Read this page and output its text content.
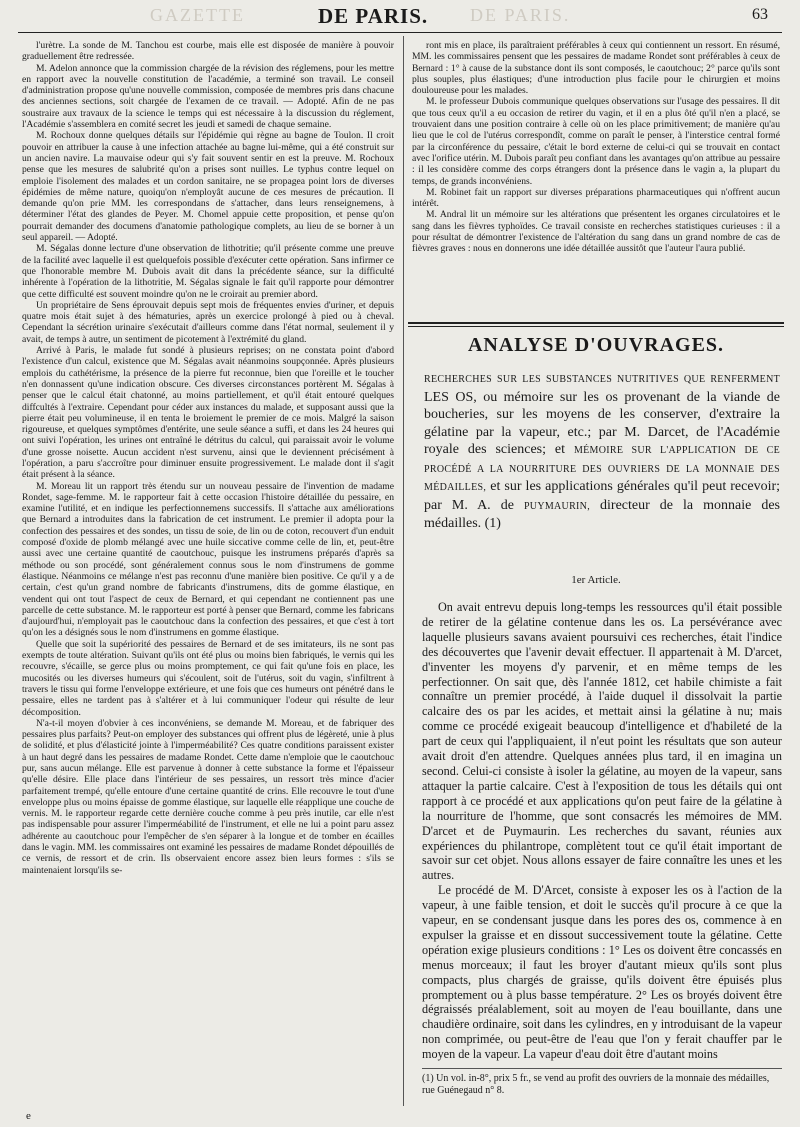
GAZETTE	DE PARIS.
DE PARIS.	63

l'urètre. La sonde de M. Tanchou est courbe, mais elle est disposée de manière à pouvoir graduellement être redressée.

M. Adelon annonce que la commission chargée de la révision des réglemens, pour les mettre en rapport avec la nouvelle constitution de l'académie, a terminé son travail. Le conseil d'administration propose qu'une nouvelle commission, composée de membres pris dans chacune des anciennes sections, soit chargée de l'examen de ce travail. — Adopté. Afin de ne pas soustraire aux travaux de la science le temps qui est nécessaire à la discussion du réglement, l'Académie s'assemblera en comité secret les jeudi et samedi de chaque semaine.

M. Rochoux donne quelques détails sur l'épidémie qui règne au bagne de Toulon. Il croit pouvoir en attribuer la cause à une infection attachée au bagne lui-même, qui a été construit sur un ancien navire. La mauvaise odeur qui s'y fait souvent sentir en est la preuve. M. Rochoux pense que les mesures de salubrité qu'on a prises sont nuilles. Le typhus contre lequel on emploie l'isolement des malades et un cordon sanitaire, ne se propagea point lors de diverses épidémies de même nature, quoiqu'on n'employât aucune de ces mesures de précaution. Il demande qu'on prie MM. les correspondans de s'attacher, dans leurs renseignemens, à déterminer l'état des glandes de Peyer. M. Chomel appuie cette proposition, et pense qu'on pourrait demander des documens d'anatomie pathologique complets, au lieu de se borner à un seul appareil. — Adopté.

M. Ségalas donne lecture d'une observation de lithotritie; qu'il présente comme une preuve de la facilité avec laquelle il est quelquefois possible d'exécuter cette opération. Sans infirmer ce que l'honorable membre M. Dubois avait dit dans la précédente séance, sur la difficulté inhérente à l'opération de la lithotritie, M. Ségalas signale le fait qu'il rapporte pour démontrer que cette difficulté est souvent moindre qu'on ne le croirait au premier abord.

Un propriétaire de Sens éprouvait depuis sept mois de fréquentes envies d'uriner, et depuis quatre mois était sujet à des hématuries, après un exercice prolongé à pied ou à cheval. Cependant la sécrétion urinaire s'exécutait d'ailleurs comme dans l'état normal, seulement il y avait, de temps à autre, un sentiment de picotement à l'extrémité du gland.

Arrivé à Paris, le malade fut sondé à plusieurs reprises; on ne constata point d'abord l'existence d'un calcul, existence que M. Ségalas avait néanmoins soupçonnée. Après plusieurs emplois du cathétérisme, la présence de la pierre fut reconnue, bien que l'oreille et le toucher n'en donnassent qu'une indication obscure. Ces diverses circonstances portèrent M. Ségalas à penser que le calcul était chatonné, au moins partiellement, et qu'il était entouré quelques diffcultés à l'extraire. Cependant pour céder aux instances du malade, et supposant aussi que la pierre était peu volumineuse, il en tenta le broiement le premier de ce mois. Malgré la saison rigoureuse, et quelques symptômes d'entérite, une seule séance a suffi, et dans les 24 heures qui ont suivi l'opération, les urines ont entraîné le détritus du calcul, qui paraissait avoir le volume d'une grosse noisette. Aucun accident n'est survenu, ainsi que le deviennent précisément à l'opération, a paru s'accroître pour diminuer ensuite progressivement. Le malade dont il s'agit était présent à la séance.

M. Moreau lit un rapport très étendu sur un nouveau pessaire de l'invention de madame Rondet, sage-femme. M. le rapporteur fait à cette occasion l'histoire détaillée du pessaire, en examine l'utilité, et en indique les perfectionnemens successifs. Il s'attache aux améliorations que Bernard a introduites dans la fabrication de cet instrument. Le premier il adopta pour la confection des pessaires et des sondes, un tissu de soie, de lin ou de coton, recouvert d'un enduit composé d'oxide de plomb mélangé avec une huile siccative comme celle de lin, et, peut-être aussi avec une certaine quantité de caoutchouc, puisque les instrumens préparés d'après sa méthode ou son procédé, sont généralement connus sous le nom d'instrumens de gomme élastique. Néanmoins ce mélange n'est pas reconnu d'une manière bien positive. Ce qu'il y a de certain, c'est qu'un grand nombre de fabricants d'instrumens, dits de gomme élastique, en vendent qui ont tout l'aspect de ceux de Bernard, et qui cependant ne contiennent pas une parcelle de cette substance. M. le rapporteur est porté à penser que Bernard, comme les fabricans d'aujourd'hui, n'employait pas le caoutchouc dans la confection des pessaires, et que c'est à tort qu'on les a désignés sous le nom d'instrumens en gomme élastique.

Quelle que soit la supériorité des pessaires de Bernard et de ses imitateurs, ils ne sont pas exempts de toute altération. Suivant qu'ils ont été plus ou moins bien fabriqués, le vernis qui les recouvre, s'écaille, se gerce plus ou moins promptement, ce qui fait qu'une fois en place, les mucosités ou les diverses humeurs qui s'écoulent, soit de l'utérus, soit du vagin, s'infiltrent à travers le tissu qui forme l'enveloppe extérieure, et une fois que ces humeurs ont pénétré dans le pessaire, elles ne tardent pas à s'altérer et à lui communiquer l'odeur qui résulte de leur décomposition.

N'a-t-il moyen d'obvier à ces inconvéniens, se demande M. Moreau, et de fabriquer des pessaires plus parfaits? Peut-on employer des substances qui offrent plus de légèreté, unie à plus de solidité, et plus d'élasticité jointe à l'imperméabilité? Ces quatre conditions paraissent exister à un haut degré dans les pessaires de madame Rondet. Cette dame n'emploie que le caoutchouc pur, sans aucun mélange. Elle est parvenue à donner à cette substance la forme et l'épaisseur qu'elle désire. Elle place dans l'intérieur de ses pessaires, un ressort très mince d'acier parfaitement trempé, qu'elle entoure d'une certaine quantité de crins. Elle recouvre le tout d'une enveloppe plus ou moins épaisse de gomme élastique, sur laquelle elle réapplique une couche de vernis. M. le rapporteur regarde cette dernière couche comme à peu près inutile, car elle n'est pas indispensable pour assurer l'imperméabilité de l'instrument, et elle ne lui a point paru assez adhérente au caoutchouc pour l'empêcher de s'en séparer à la longue et de tomber en écailles dans le vagin. MM. les commissaires ont examiné les pessaires de madame Rondet dépouillés de ce vernis, de ressort et de crin. Ils observaient encore assez bien leurs formes : s'ils se maintenaient lorsqu'ils se-

ront mis en place, ils paraîtraient préférables à ceux qui contiennent un ressort. En résumé, MM. les commissaires pensent que les pessaires de madame Rondet sont préférables à ceux de Bernard : 1° à cause de la substance dont ils sont composés, le caoutchouc; 2° parce qu'ils sont plus souples, plus élastiques; d'une introduction plus facile pour le chirurgien et moins douloureuse pour les malades.

M. le professeur Dubois communique quelques observations sur l'usage des pessaires. Il dit que tous ceux qu'il a eu occasion de retirer du vagin, et il en a plus ôté qu'il n'en a placé, se trouvaient dans une position contraire à celle où on les place primitivement; de manière qu'au lieu que le col de l'utérus correspondît, comme on paraît le penser, à l'interstice central formé par la circonférence du pessaire, c'était le bord externe de celui-ci qui se trouvait en contact avec l'orifice utérin. M. Dubois paraît peu confiant dans les avantages qu'on attribue au pessaire : il les considère comme des corps étrangers dont la présence dans le vagin a, la plupart du temps, de grands inconvéniens.

M. Robinet fait un rapport sur diverses préparations pharmaceutiques qui n'offrent aucun intérêt.

M. Andral lit un mémoire sur les altérations que présentent les organes circulatoires et le sang dans les fièvres typhoïdes. Ce travail consiste en recherches statistiques curieuses : il a pour résultat de démontrer l'existence de l'altération du sang dans un grand nombre de cas de fièvres graves : nous en donnerons une idée détaillée aussitôt que l'auteur l'aura publié.

ANALYSE D'OUVRAGES.
RECHERCHES SUR LES SUBSTANCES NUTRITIVES QUE RENFERMENT LES OS, ou mémoire sur les os provenant de la viande de boucheries, sur les moyens de les conserver, d'extraire la gélatine par la vapeur, etc.; par M. Darcet, de l'Académie royale des sciences; et MÉMOIRE SUR L'APPLICATION DE CE PROCÉDÉ A LA NOURRITURE DES OUVRIERS DE LA MONNAIE DES MÉDAILLES, et sur les applications générales qu'il peut recevoir; par M. A. de PUYMAURIN, directeur de la monnaie des médailles. (1)
1er Article.

On avait entrevu depuis long-temps les ressources qu'il était possible de retirer de la gélatine contenue dans les os. La persévérance avec laquelle plusieurs savans avaient poursuivi ces recherches, était l'indice des découvertes que l'avenir devait effectuer. Il appartenait à M. D'arcet, d'inventer les moyens d'y parvenir, et en même temps de les perfectionner. On sait que, dès l'année 1812, cet habile chimiste a fait connaître un premier procédé, à l'aide duquel il dissolvait la partie calcaire des os par les acides, et mettait ainsi la gélatine à nu; mais comme ce procédé exigeait beaucoup d'intelligence et d'habileté de la part de ceux qui l'appliquaient, il n'eut point les résultats que son auteur avait droit d'en attendre. Quelques années plus tard, il en imagina un second. Celui-ci consiste à isoler la gélatine, au moyen de la vapeur, sans attaquer la partie calcaire. C'est à l'exposition de tous les détails qui ont rapport à ce procédé et aux applications qu'on peut faire de la gélatine à la nourriture de l'homme, que sont consacrés les mémoires de MM. D'arcet et de Puymaurin. Les recherches du savant, réunies aux expériences du philantrope, complètent tout ce qu'il était important de savoir sur cet objet. Nous allons essayer de faire connaître les unes et les autres.

Le procédé de M. D'Arcet, consiste à exposer les os à l'action de la vapeur, à une faible tension, et doit le succès qu'il procure à ce que la vapeur, en se condensant jusque dans les pores des os, commence à en expulser la graisse et en dissout successivement toute la gélatine. Cette opération exige plusieurs conditions : 1° Les os doivent être concassés en menus morceaux; il faut les broyer d'autant mieux qu'ils sont plus compacts, plus chargés de graisse, qu'ils doivent être épuisés plus promptement ou à plus basse température. 2° Les os broyés doivent être dégraissés préalablement, soit au moyen de l'eau bouillante, dans une chaudière ordinaire, soit dans les cylindres, en y introduisant de la vapeur non comprimée, ou peut-être de l'eau que l'on y ferait chauffer par le moyen de la vapeur. La vapeur d'eau doit être d'autant moins

(1) Un vol. in-8°, prix 5 fr., se vend au profit des ouvriers de la monnaie des médailles, rue Guénegaud n° 8.
e
